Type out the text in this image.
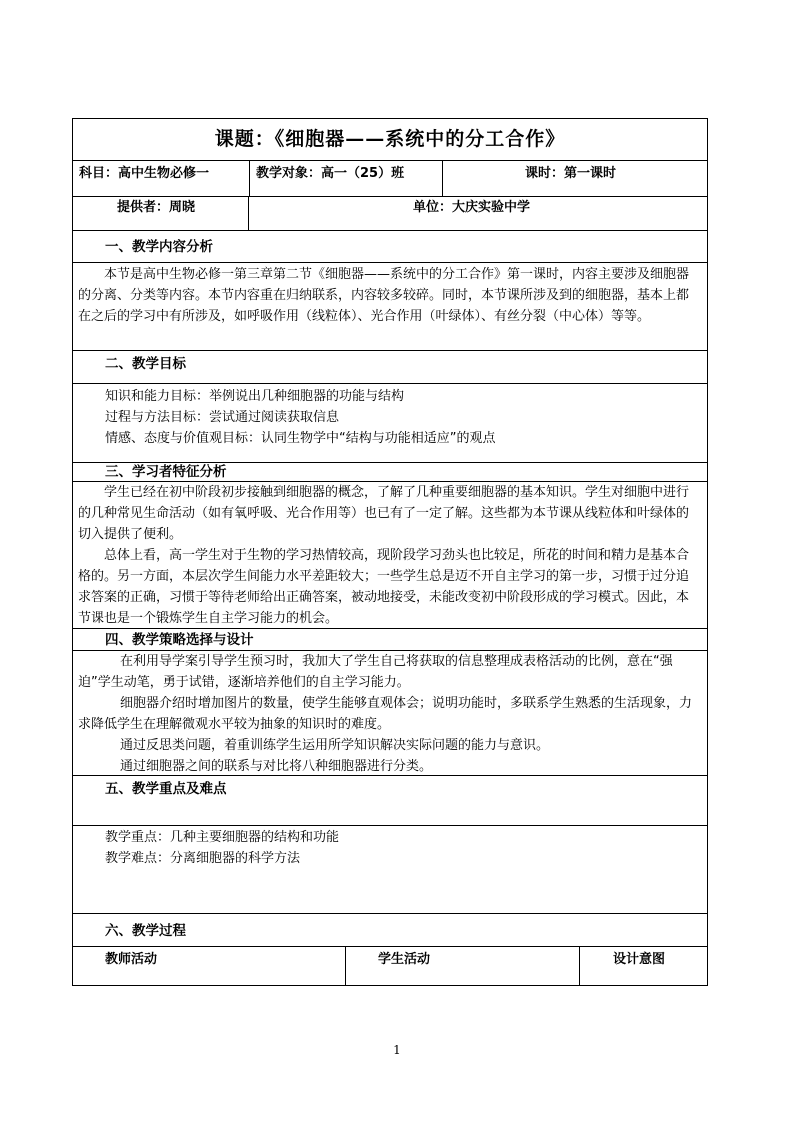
课题：《细胞器——系统中的分工合作》
科目：高中生物必修一	教学对象：高一（25）班	课时：第一课时
提供者：周晓	单位：大庆实验中学
一、教学内容分析

本节是高中生物必修一第三章第二节《细胞器——系统中的分工合作》第一课时，内容主要涉及细胞器的分离、分类等内容。本节内容重在归纳联系，内容较多较碎。同时，本节课所涉及到的细胞器，基本上都在之后的学习中有所涉及，如呼吸作用（线粒体）、光合作用（叶绿体）、有丝分裂（中心体）等等。

二、教学目标
知识和能力目标：举例说出几种细胞器的功能与结构
过程与方法目标：尝试通过阅读获取信息
情感、态度与价值观目标：认同生物学中“结构与功能相适应”的观点
三、学习者特征分析

学生已经在初中阶段初步接触到细胞器的概念，了解了几种重要细胞器的基本知识。学生对细胞中进行的几种常见生命活动（如有氧呼吸、光合作用等）也已有了一定了解。这些都为本节课从线粒体和叶绿体的切入提供了便利。

总体上看，高一学生对于生物的学习热情较高，现阶段学习劲头也比较足，所花的时间和精力是基本合格的。另一方面，本层次学生间能力水平差距较大；一些学生总是迈不开自主学习的第一步，习惯于过分追求答案的正确，习惯于等待老师给出正确答案，被动地接受，未能改变初中阶段形成的学习模式。因此，本节课也是一个锻炼学生自主学习能力的机会。

四、教学策略选择与设计

在利用导学案引导学生预习时，我加大了学生自己将获取的信息整理成表格活动的比例，意在“强迫”学生动笔，勇于试错，逐渐培养他们的自主学习能力。

细胞器介绍时增加图片的数量，使学生能够直观体会；说明功能时，多联系学生熟悉的生活现象，力求降低学生在理解微观水平较为抽象的知识时的难度。

通过反思类问题，着重训练学生运用所学知识解决实际问题的能力与意识。

通过细胞器之间的联系与对比将八种细胞器进行分类。

五、教学重点及难点
教学重点：几种主要细胞器的结构和功能
教学难点：分离细胞器的科学方法
六、教学过程
教师活动	学生活动	设计意图
1
